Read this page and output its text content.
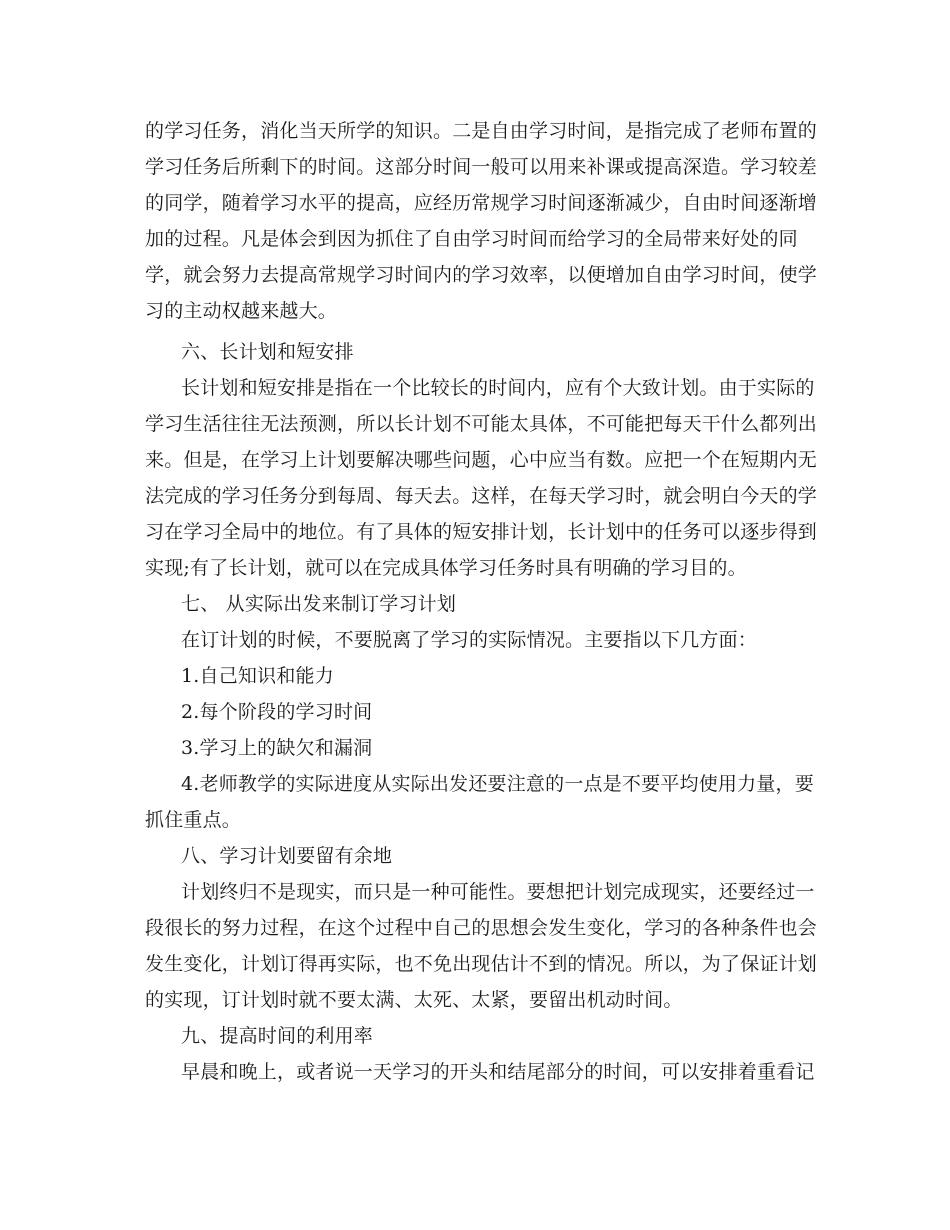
的学习任务，消化当天所学的知识。二是自由学习时间，是指完成了老师布置的
学习任务后所剩下的时间。这部分时间一般可以用来补课或提高深造。学习较差
的同学，随着学习水平的提高，应经历常规学习时间逐渐减少，自由时间逐渐增
加的过程。凡是体会到因为抓住了自由学习时间而给学习的全局带来好处的同
学，就会努力去提高常规学习时间内的学习效率，以便增加自由学习时间，使学
习的主动权越来越大。
六、长计划和短安排
长计划和短安排是指在一个比较长的时间内，应有个大致计划。由于实际的
学习生活往往无法预测，所以长计划不可能太具体，不可能把每天干什么都列出
来。但是，在学习上计划要解决哪些问题，心中应当有数。应把一个在短期内无
法完成的学习任务分到每周、每天去。这样，在每天学习时，就会明白今天的学
习在学习全局中的地位。有了具体的短安排计划，长计划中的任务可以逐步得到
实现;有了长计划，就可以在完成具体学习任务时具有明确的学习目的。
七、 从实际出发来制订学习计划
在订计划的时候，不要脱离了学习的实际情况。主要指以下几方面：
1.自己知识和能力
2.每个阶段的学习时间
3.学习上的缺欠和漏洞
4.老师教学的实际进度从实际出发还要注意的一点是不要平均使用力量，要
抓住重点。
八、学习计划要留有余地
计划终归不是现实，而只是一种可能性。要想把计划完成现实，还要经过一
段很长的努力过程，在这个过程中自己的思想会发生变化，学习的各种条件也会
发生变化，计划订得再实际，也不免出现估计不到的情况。所以，为了保证计划
的实现，订计划时就不要太满、太死、太紧，要留出机动时间。
九、提高时间的利用率
早晨和晚上，或者说一天学习的开头和结尾部分的时间，可以安排着重看记
